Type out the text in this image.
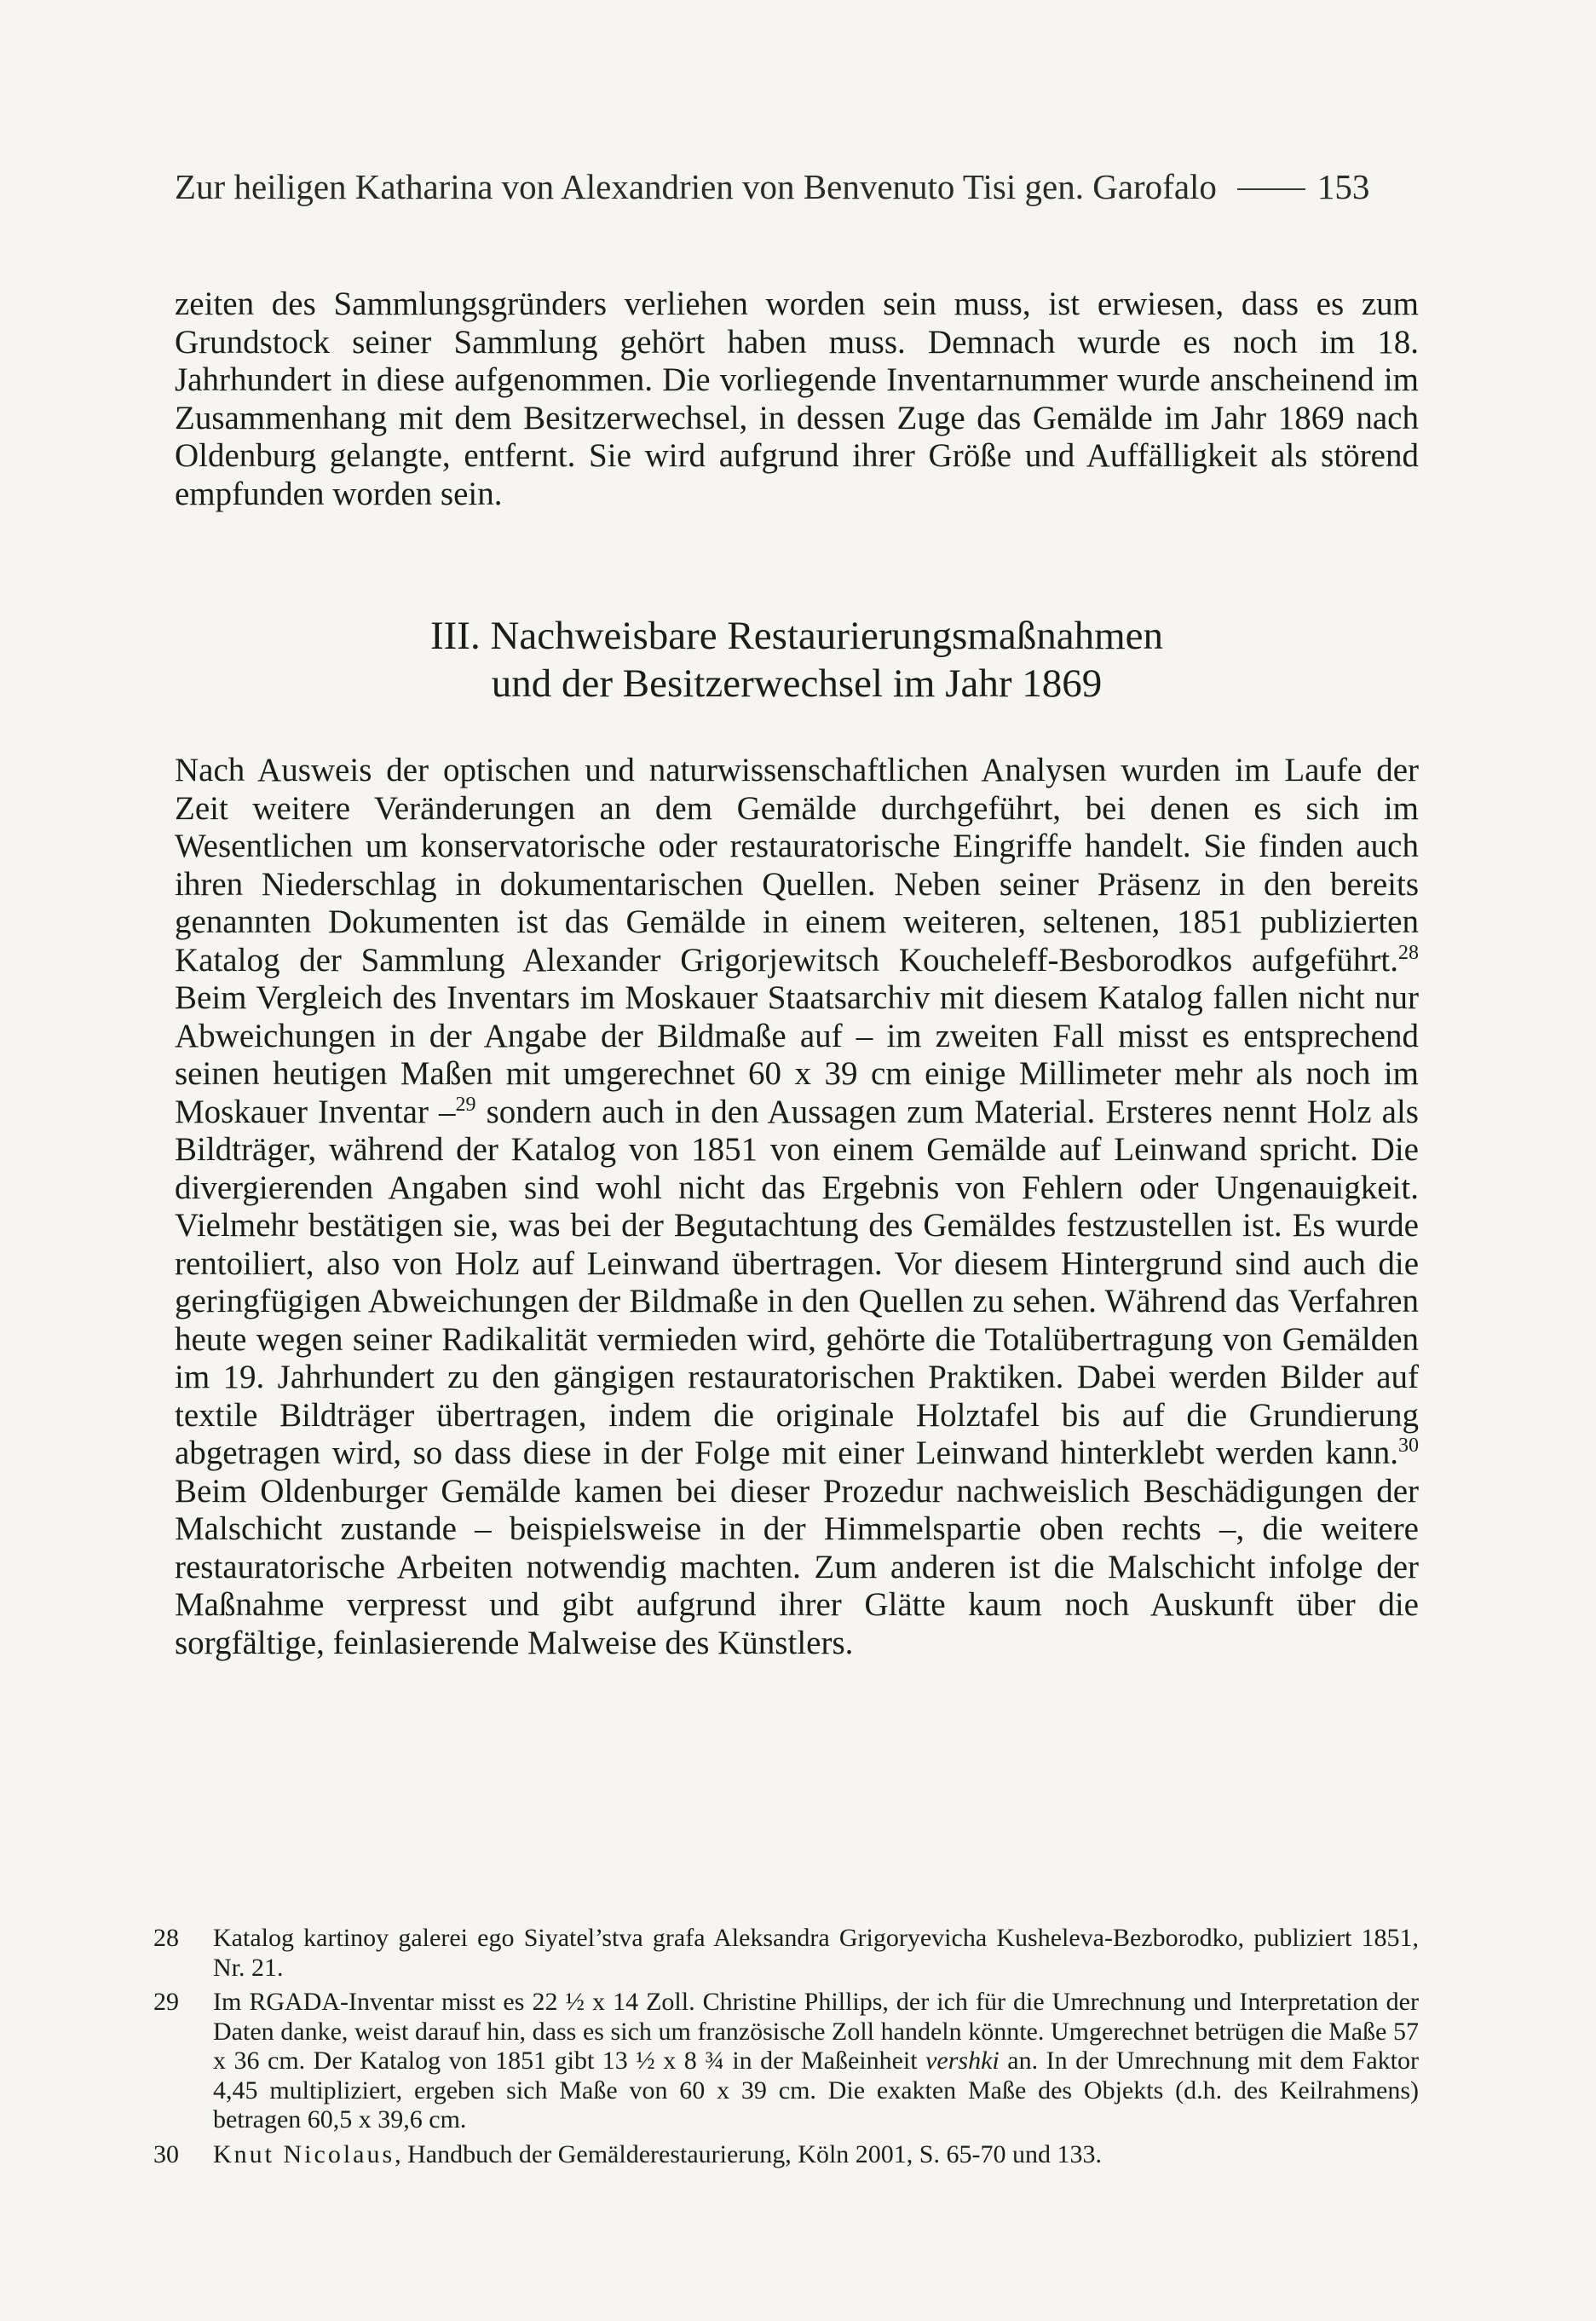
Zur heiligen Katharina von Alexandrien von Benvenuto Tisi gen. Garofalo	153

zeiten des Sammlungsgründers verliehen worden sein muss, ist erwiesen, dass es zum Grundstock seiner Sammlung gehört haben muss. Demnach wurde es noch im 18. Jahrhundert in diese aufgenommen. Die vorliegende Inventarnummer wurde anscheinend im Zusammenhang mit dem Besitzerwechsel, in dessen Zuge das Gemälde im Jahr 1869 nach Oldenburg gelangte, entfernt. Sie wird aufgrund ihrer Größe und Auffälligkeit als störend empfunden worden sein.

III. Nachweisbare Restaurierungsmaßnahmen
und der Besitzerwechsel im Jahr 1869

Nach Ausweis der optischen und naturwissenschaftlichen Analysen wurden im Laufe der Zeit weitere Veränderungen an dem Gemälde durchgeführt, bei denen es sich im Wesentlichen um konservatorische oder restauratorische Eingriffe handelt. Sie finden auch ihren Niederschlag in dokumentarischen Quellen. Neben seiner Präsenz in den bereits genannten Dokumenten ist das Gemälde in einem weiteren, seltenen, 1851 publizierten Katalog der Sammlung Alexander Grigorjewitsch Koucheleff-Besborodkos aufgeführt.$^{28}$ Beim Vergleich des Inventars im Moskauer Staatsarchiv mit diesem Katalog fallen nicht nur Abweichungen in der Angabe der Bildmaße auf – im zweiten Fall misst es entsprechend seinen heutigen Maßen mit umgerechnet 60 x 39 cm einige Millimeter mehr als noch im Moskauer Inventar –$^{29}$ sondern auch in den Aussagen zum Material. Ersteres nennt Holz als Bildträger, während der Katalog von 1851 von einem Gemälde auf Leinwand spricht. Die divergierenden Angaben sind wohl nicht das Ergebnis von Fehlern oder Ungenauigkeit. Vielmehr bestätigen sie, was bei der Begutachtung des Gemäldes festzustellen ist. Es wurde rentoiliert, also von Holz auf Leinwand übertragen. Vor diesem Hintergrund sind auch die geringfügigen Abweichungen der Bildmaße in den Quellen zu sehen. Während das Verfahren heute wegen seiner Radikalität vermieden wird, gehörte die Totalübertragung von Gemälden im 19. Jahrhundert zu den gängigen restauratorischen Praktiken. Dabei werden Bilder auf textile Bildträger übertragen, indem die originale Holztafel bis auf die Grundierung abgetragen wird, so dass diese in der Folge mit einer Leinwand hinterklebt werden kann.$^{30}$ Beim Oldenburger Gemälde kamen bei dieser Prozedur nachweislich Beschädigungen der Malschicht zustande – beispielsweise in der Himmelspartie oben rechts –, die weitere restauratorische Arbeiten notwendig machten. Zum anderen ist die Malschicht infolge der Maßnahme verpresst und gibt aufgrund ihrer Glätte kaum noch Auskunft über die sorgfältige, feinlasierende Malweise des Künstlers.

28	Katalog kartinoy galerei ego Siyatel’stva grafa Aleksandra Grigoryevicha Kusheleva-Bezborodko, publiziert 1851, Nr. 21.
29	Im RGADA-Inventar misst es 22 ½ x 14 Zoll. Christine Phillips, der ich für die Umrechnung und Interpretation der Daten danke, weist darauf hin, dass es sich um französische Zoll handeln könnte. Umgerechnet betrügen die Maße 57 x 36 cm. Der Katalog von 1851 gibt 13 ½ x 8 ¾ in der Maßeinheit vershki an. In der Umrechnung mit dem Faktor 4,45 multipliziert, ergeben sich Maße von 60 x 39 cm. Die exakten Maße des Objekts (d.h. des Keilrahmens) betragen 60,5 x 39,6 cm.
30	Knut Nicolaus, Handbuch der Gemälderestaurierung, Köln 2001, S. 65-70 und 133.
